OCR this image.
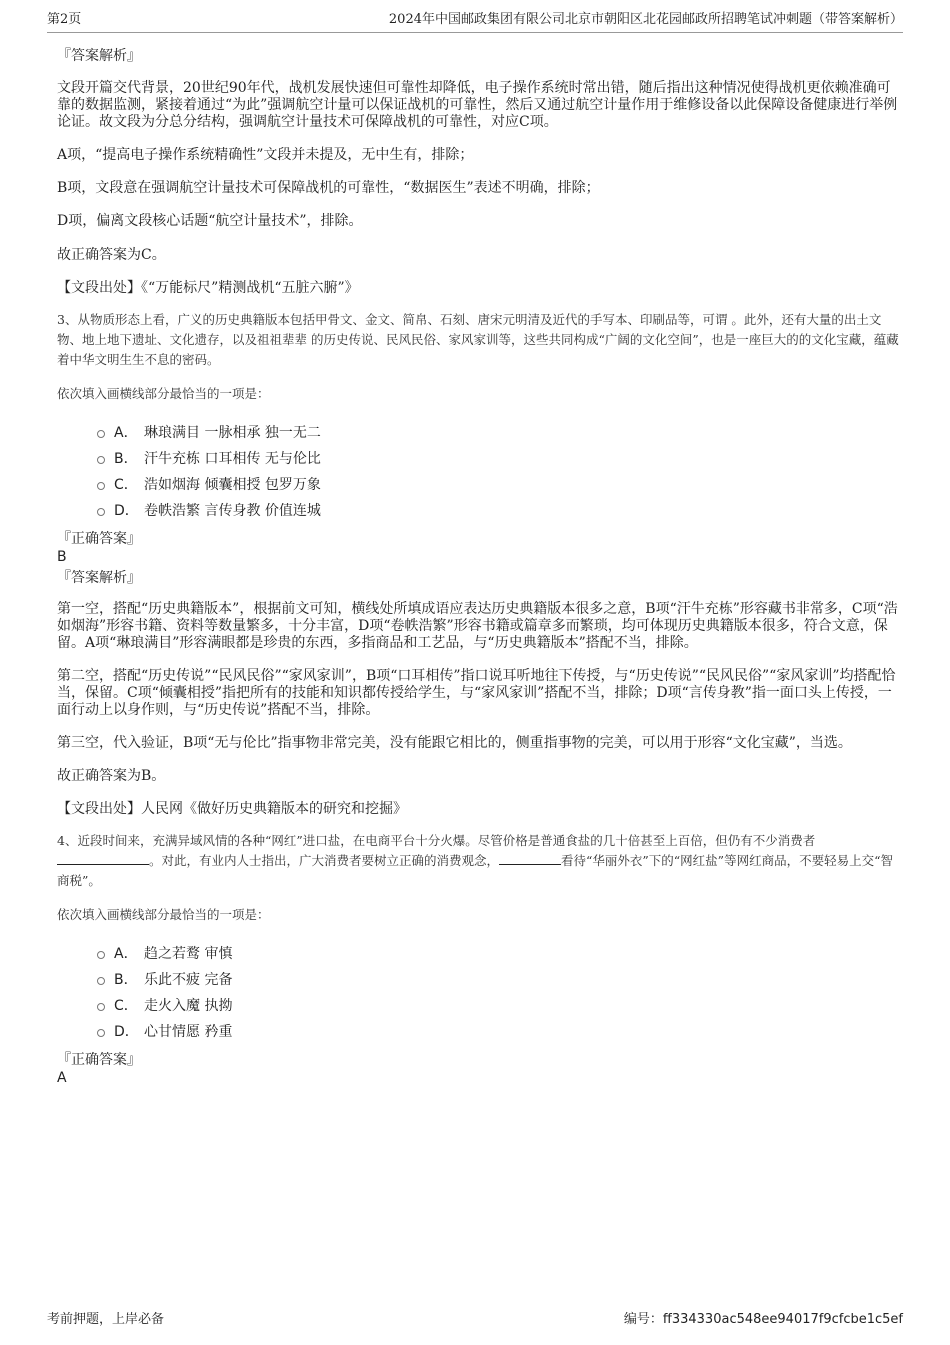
第2页	2024年中国邮政集团有限公司北京市朝阳区北花园邮政所招聘笔试冲刺题（带答案解析）

『答案解析』

文段开篇交代背景，20世纪90年代，战机发展快速但可靠性却降低，电子操作系统时常出错，随后指出这种情况使得战机更依赖准确可靠的数据监测，紧接着通过“为此”强调航空计量可以保证战机的可靠性，然后又通过航空计量作用于维修设备以此保障设备健康进行举例论证。故文段为分总分结构，强调航空计量技术可保障战机的可靠性，对应C项。

A项，“提高电子操作系统精确性”文段并未提及，无中生有，排除；

B项，文段意在强调航空计量技术可保障战机的可靠性，“数据医生”表述不明确，排除；

D项，偏离文段核心话题“航空计量技术”，排除。

故正确答案为C。

【文段出处】《“万能标尺”精测战机“五脏六腑”》

3、从物质形态上看，广义的历史典籍版本包括甲骨文、金文、简帛、石刻、唐宋元明清及近代的手写本、印刷品等，可谓 。此外，还有大量的出土文物、地上地下遗址、文化遗存，以及祖祖辈辈 的历史传说、民风民俗、家风家训等，这些共同构成“广阔的文化空间”，也是一座巨大的的文化宝藏，蕴藏着中华文明生生不息的密码。

依次填入画横线部分最恰当的一项是：

A． 琳琅满目 一脉相承 独一无二
B． 汗牛充栋 口耳相传 无与伦比
C． 浩如烟海 倾囊相授 包罗万象
D． 卷帙浩繁 言传身教 价值连城

『正确答案』

B

『答案解析』

第一空，搭配“历史典籍版本”，根据前文可知，横线处所填成语应表达历史典籍版本很多之意，B项“汗牛充栋”形容藏书非常多，C项“浩如烟海”形容书籍、资料等数量繁多，十分丰富，D项“卷帙浩繁”形容书籍或篇章多而繁琐，均可体现历史典籍版本很多，符合文意，保留。A项“琳琅满目”形容满眼都是珍贵的东西，多指商品和工艺品，与“历史典籍版本”搭配不当，排除。

第二空，搭配“历史传说”“民风民俗”“家风家训”，B项“口耳相传”指口说耳听地往下传授，与“历史传说”“民风民俗”“家风家训”均搭配恰当，保留。C项“倾囊相授”指把所有的技能和知识都传授给学生，与“家风家训”搭配不当，排除；D项“言传身教”指一面口头上传授，一面行动上以身作则，与“历史传说”搭配不当，排除。

第三空，代入验证，B项“无与伦比”指事物非常完美，没有能跟它相比的，侧重指事物的完美，可以用于形容“文化宝藏”，当选。

故正确答案为B。

【文段出处】人民网《做好历史典籍版本的研究和挖掘》

4、近段时间来，充满异域风情的各种“网红”进口盐，在电商平台十分火爆。尽管价格是普通食盐的几十倍甚至上百倍，但仍有不少消费者。对此，有业内人士指出，广大消费者要树立正确的消费观念，	看待“华丽外衣”下的“网红盐”等网红商品，不要轻易上交“智商税”。

依次填入画横线部分最恰当的一项是：

A． 趋之若鹜 审慎
B． 乐此不疲 完备
C． 走火入魔 执拗
D． 心甘情愿 矜重

『正确答案』

A

考前押题，上岸必备	编号：ff334330ac548ee94017f9cfcbe1c5ef
